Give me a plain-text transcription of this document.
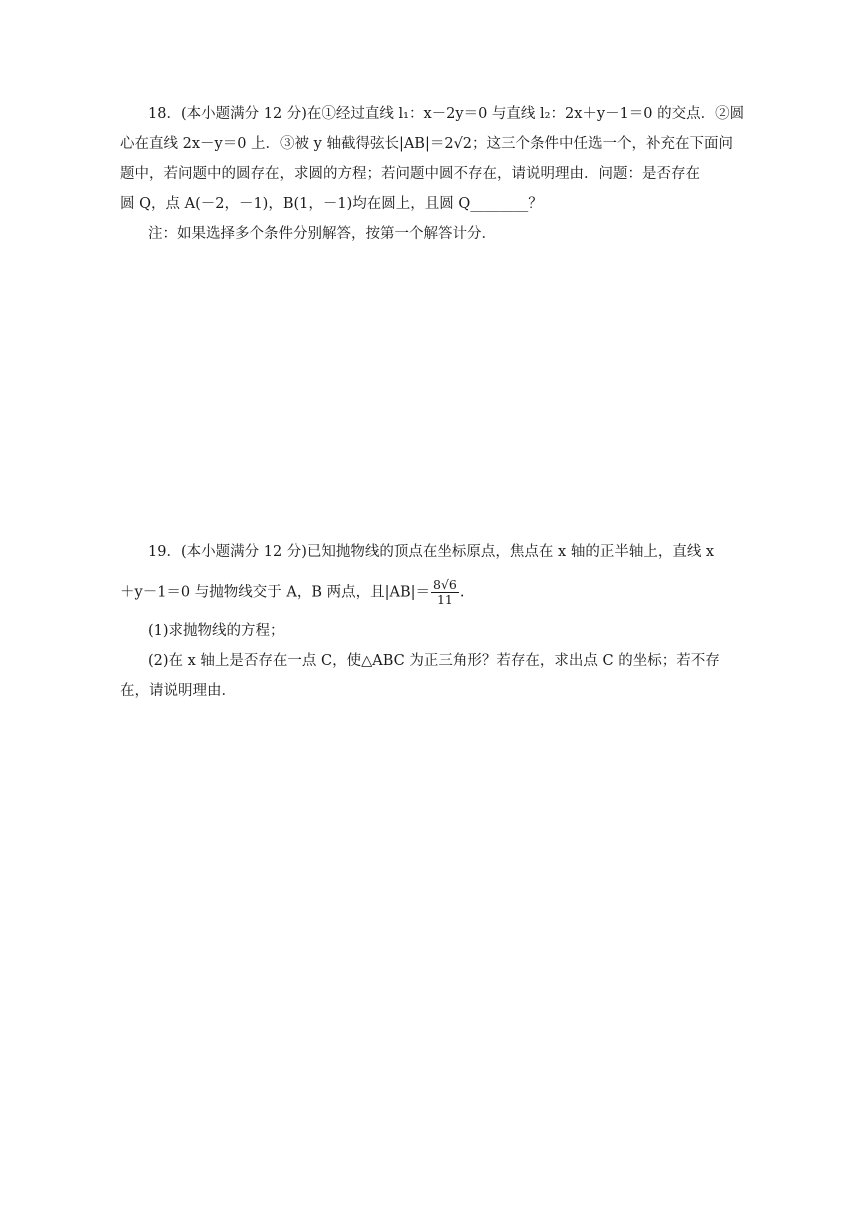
18．(本小题满分 12 分)在①经过直线 l₁：x－2y＝0 与直线 l₂：2x＋y－1＝0 的交点．②圆
心在直线 2x－y＝0 上．③被 y 轴截得弦长|AB|＝2√2；这三个条件中任选一个，补充在下面问
题中，若问题中的圆存在，求圆的方程；若问题中圆不存在，请说明理由．问题：是否存在
圆 Q，点 A(－2，－1)，B(1，－1)均在圆上，且圆 Q________？
注：如果选择多个条件分别解答，按第一个解答计分．
19．(本小题满分 12 分)已知抛物线的顶点在坐标原点，焦点在 x 轴的正半轴上，直线 x
＋y－1＝0 与抛物线交于 A，B 两点，且$|AB|= \frac{8√6}{11}$ .
(1)求抛物线的方程；
(2)在 x 轴上是否存在一点 C，使△ABC 为正三角形？若存在，求出点 C 的坐标；若不存
在，请说明理由．
